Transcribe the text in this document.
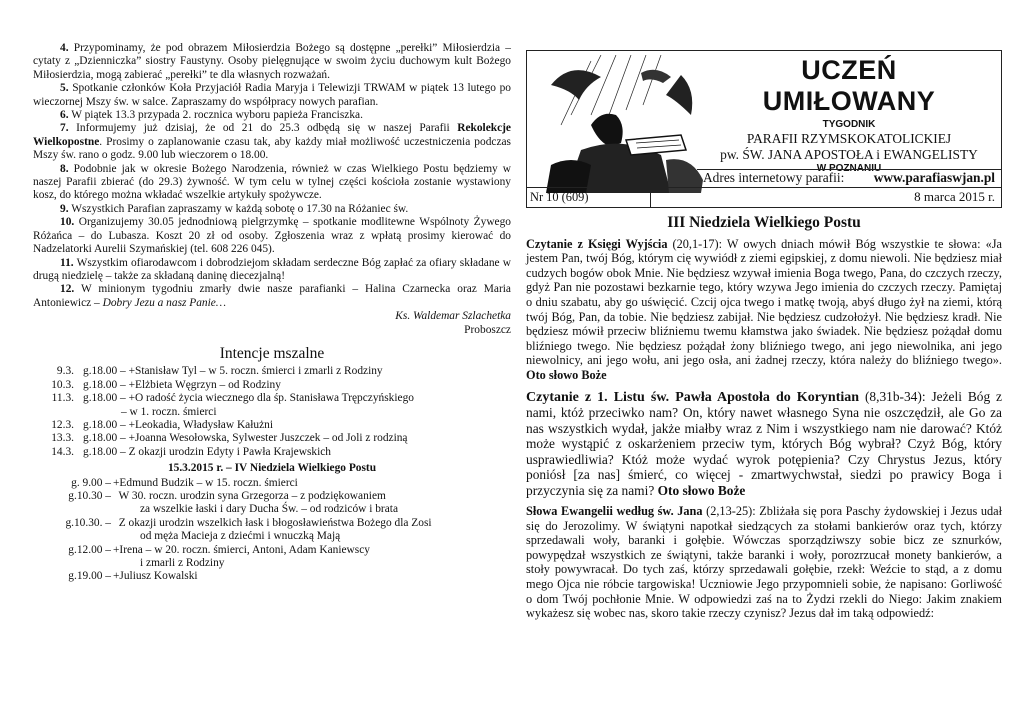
4. Przypominamy, że pod obrazem Miłosierdzia Bożego są dostępne „perełki” Miłosierdzia – cytaty z „Dzienniczka” siostry Faustyny. Osoby pielęgnujące w swoim życiu duchowym kult Bożego Miłosierdzia, mogą zabierać „perełki” te dla własnych rozważań.

5. Spotkanie członków Koła Przyjaciół Radia Maryja i Telewizji TRWAM w piątek 13 lutego po wieczornej Mszy św. w salce. Zapraszamy do współpracy nowych parafian.

6. W piątek 13.3 przypada 2. rocznica wyboru papieża Franciszka.

7. Informujemy już dzisiaj, że od 21 do 25.3 odbędą się w naszej Parafii Rekolekcje Wielkopostne. Prosimy o zaplanowanie czasu tak, aby każdy miał możliwość uczestniczenia podczas Mszy św. rano o godz. 9.00 lub wieczorem o 18.00.

8. Podobnie jak w okresie Bożego Narodzenia, również w czas Wielkiego Postu będziemy w naszej Parafii zbierać (do 29.3) żywność. W tym celu w tylnej części kościoła zostanie wystawiony kosz, do którego można wkładać wszelkie artykuły spożywcze.

9. Wszystkich Parafian zapraszamy w każdą sobotę o 17.30 na Różaniec św.

10. Organizujemy 30.05 jednodniową pielgrzymkę – spotkanie modlitewne Wspólnoty Żywego Różańca – do Lubasza. Koszt 20 zł od osoby. Zgłoszenia wraz z wpłatą prosimy kierować do Nadzelatorki Aurelii Szymańskiej (tel. 608 226 045).

11. Wszystkim ofiarodawcom i dobrodziejom składam serdeczne Bóg zapłać za ofiary składane w drugą niedzielę – także za składaną daninę diecezjalną!

12. W minionym tygodniu zmarły dwie nasze parafianki – Halina Czarnecka oraz Maria Antoniewicz – Dobry Jezu a nasz Panie…

Ks. Waldemar Szlachetka
Proboszcz

Intencje mszalne
9.3. g.18.00 – +Stanisław Tyl – w 5. roczn. śmierci i zmarli z Rodziny
10.3. g.18.00 – +Elżbieta Węgrzyn – od Rodziny
11.3. g.18.00 – +O radość życia wiecznego dla śp. Stanisława Trępczyńskiego
– w 1. roczn. śmierci
12.3. g.18.00 – +Leokadia, Władysław Kałużni
13.3. g.18.00 – +Joanna Wesołowska, Sylwester Juszczek – od Joli z rodziną
14.3. g.18.00 – Z okazji urodzin Edyty i Pawła Krajewskich
15.3.2015 r. – IV Niedziela Wielkiego Postu
g. 9.00 – +Edmund Budzik – w 15. roczn. śmierci
g.10.30 – W 30. roczn. urodzin syna Grzegorza – z podziękowaniem
za wszelkie łaski i dary Ducha Św. – od rodziców i brata
g.10.30. – Z okazji urodzin wszelkich łask i błogosławieństwa Bożego dla Zosi
od męża Macieja z dziećmi i wnuczką Mają
g.12.00 – +Irena – w 20. roczn. śmierci, Antoni, Adam Kaniewscy
i zmarli z Rodziny
g.19.00 – +Juliusz Kowalski
UCZEŃ
UMIŁOWANY
TYGODNIK
PARAFII RZYMSKOKATOLICKIEJ
pw. ŚW. JANA APOSTOŁA i EWANGELISTY
W POZNANIU
Adres internetowy parafii:	www.parafiaswjan.pl
Nr 10 (609)	8 marca 2015 r.
III Niedziela Wielkiego Postu

Czytanie z Księgi Wyjścia (20,1-17): W owych dniach mówił Bóg wszystkie te słowa: «Ja jestem Pan, twój Bóg, którym cię wywiódł z ziemi egipskiej, z domu niewoli. Nie będziesz miał cudzych bogów obok Mnie. Nie będziesz wzywał imienia Boga twego, Pana, do czczych rzeczy, gdyż Pan nie pozostawi bezkarnie tego, który wzywa Jego imienia do czczych rzeczy. Pamiętaj o dniu szabatu, aby go uświęcić. Czcij ojca twego i matkę twoją, abyś długo żył na ziemi, którą twój Bóg, Pan, da tobie. Nie będziesz zabijał. Nie będziesz cudzołożył. Nie będziesz kradł. Nie będziesz mówił przeciw bliźniemu twemu kłamstwa jako świadek. Nie będziesz pożądał domu bliźniego twego. Nie będziesz pożądał żony bliźniego twego, ani jego niewolnika, ani jego niewolnicy, ani jego wołu, ani jego osła, ani żadnej rzeczy, która należy do bliźniego twego». Oto słowo Boże

Czytanie z 1. Listu św. Pawła Apostoła do Koryntian (8,31b-34): Jeżeli Bóg z nami, któż przeciwko nam? On, który nawet własnego Syna nie oszczędził, ale Go za nas wszystkich wydał, jakże miałby wraz z Nim i wszystkiego nam nie darować? Któż może wystąpić z oskarżeniem przeciw tym, których Bóg wybrał? Czyż Bóg, który usprawiedliwia? Któż może wydać wyrok potępienia? Czy Chrystus Jezus, który poniósł [za nas] śmierć, co więcej - zmartwychwstał, siedzi po prawicy Boga i przyczynia się za nami? Oto słowo Boże

Słowa Ewangelii według św. Jana (2,13-25): Zbliżała się pora Paschy żydowskiej i Jezus udał się do Jerozolimy. W świątyni napotkał siedzących za stołami bankierów oraz tych, którzy sprzedawali woły, baranki i gołębie. Wówczas sporządziwszy sobie bicz ze sznurków, powypędzał wszystkich ze świątyni, także baranki i woły, porozrzucał monety bankierów, a stoły powywracał. Do tych zaś, którzy sprzedawali gołębie, rzekł: Weźcie to stąd, a z domu mego Ojca nie róbcie targowiska! Uczniowie Jego przypomnieli sobie, że napisano: Gorliwość o dom Twój pochłonie Mnie. W odpowiedzi zaś na to Żydzi rzekli do Niego: Jakim znakiem wykażesz się wobec nas, skoro takie rzeczy czynisz? Jezus dał im taką odpowiedź:
